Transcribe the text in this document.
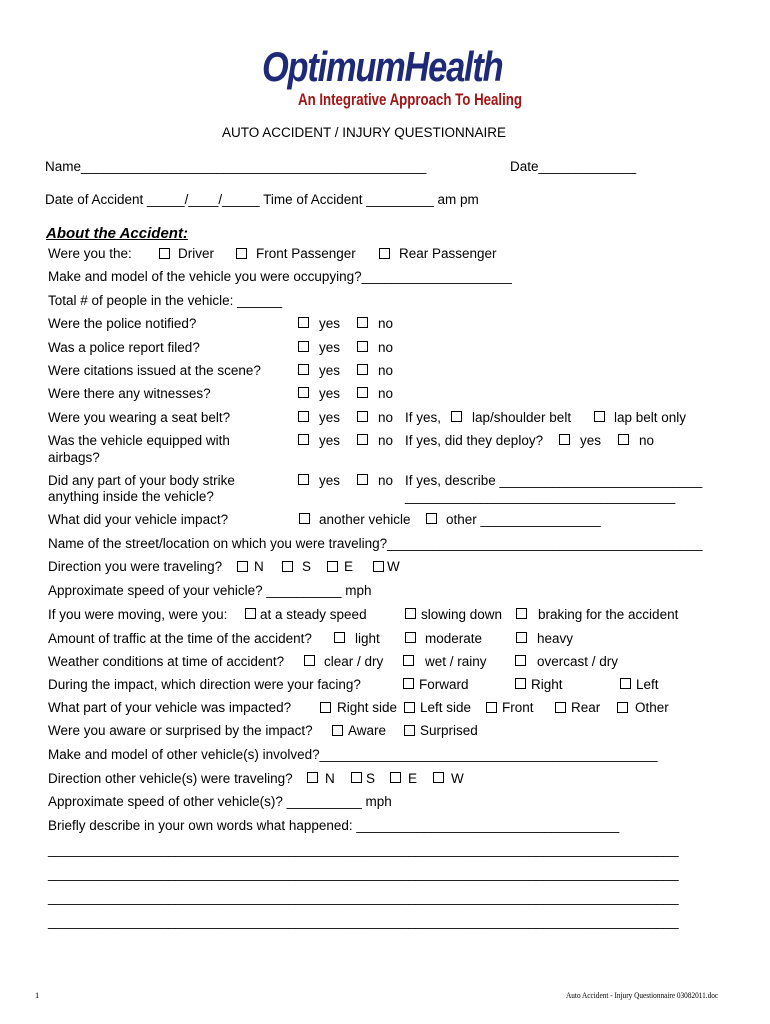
OptimumHealth
An Integrative Approach To Healing
AUTO ACCIDENT / INJURY QUESTIONNAIRE
Name______________________________________________	Date_____________
Date of Accident _____/____/_____ Time of Accident _________ am pm
About the Accident:
Were you the:	Driver	Front Passenger	Rear Passenger
Make and model of the vehicle you were occupying?____________________
Total # of people in the vehicle: ______
Were the police notified?	yes	no
Was a police report filed?	yes	no
Were citations issued at the scene?	yes	no
Were there any witnesses?	yes	no
Were you wearing a seat belt?	yes	no If yes, lap/shoulder belt	lap belt only
Was the vehicle equipped with
airbags?
yes	no If yes, did they deploy?	yes	no
Did any part of your body strike
anything inside the vehicle?
yes	no If yes, describe ___________________________
____________________________________
What did your vehicle impact?	another vehicle	other ________________
Name of the street/location on which you were traveling?__________________________________________
Direction you were traveling? N	S E	W
Approximate speed of your vehicle? __________ mph
If you were moving, were you: at a steady speed	slowing down	braking for the accident
Amount of traffic at the time of the accident?	light	moderate	heavy
Weather conditions at time of accident?	clear / dry	wet / rainy	overcast / dry
During the impact, which direction were your facing?	Forward	Right	Left
What part of your vehicle was impacted?	Right side Left side Front	Rear	Other
Were you aware or surprised by the impact?	Aware	Surprised
Make and model of other vehicle(s) involved?_____________________________________________
Direction other vehicle(s) were traveling? N S E	W
Approximate speed of other vehicle(s)? __________ mph
Briefly describe in your own words what happened: ___________________________________
____________________________________________________________________________________
____________________________________________________________________________________
____________________________________________________________________________________
____________________________________________________________________________________
1	Auto Accident - Injury Questionnaire 03082011.doc
